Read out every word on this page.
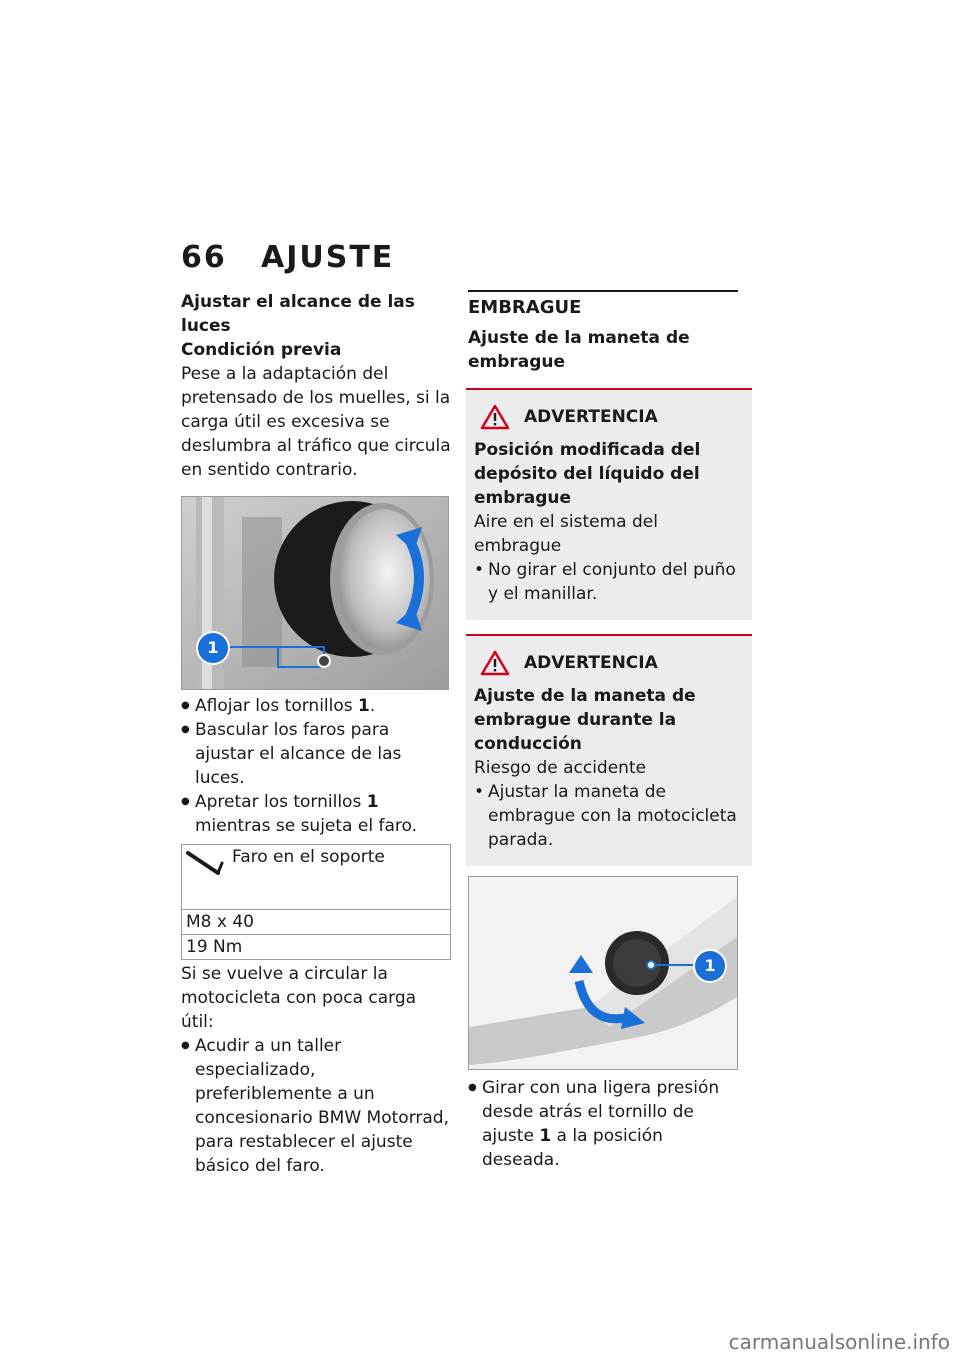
66 AJUSTE
Ajustar el alcance de las luces
Condición previa
Pese a la adaptación del pretensado de los muelles, si la carga útil es excesiva se deslumbra al tráfico que circula en sentido contrario.
1
● Aflojar los tornillos 1.
● Bascular los faros para ajustar el alcance de las luces.
● Apretar los tornillos 1 mientras se sujeta el faro.
Faro en el soporte
M8 x 40
19 Nm
Si se vuelve a circular la motocicleta con poca carga útil:
● Acudir a un taller especializado, preferiblemente a un concesionario BMW Motorrad, para restablecer el ajuste básico del faro.
EMBRAGUE
Ajuste de la maneta de embrague
ADVERTENCIA
Posición modificada del depósito del líquido del embrague
Aire en el sistema del embrague
• No girar el conjunto del puño y el manillar.
ADVERTENCIA
Ajuste de la maneta de embrague durante la conducción
Riesgo de accidente
• Ajustar la maneta de embrague con la motocicleta parada.
1
● Girar con una ligera presión desde atrás el tornillo de ajuste 1 a la posición deseada.
carmanualsonline.info
